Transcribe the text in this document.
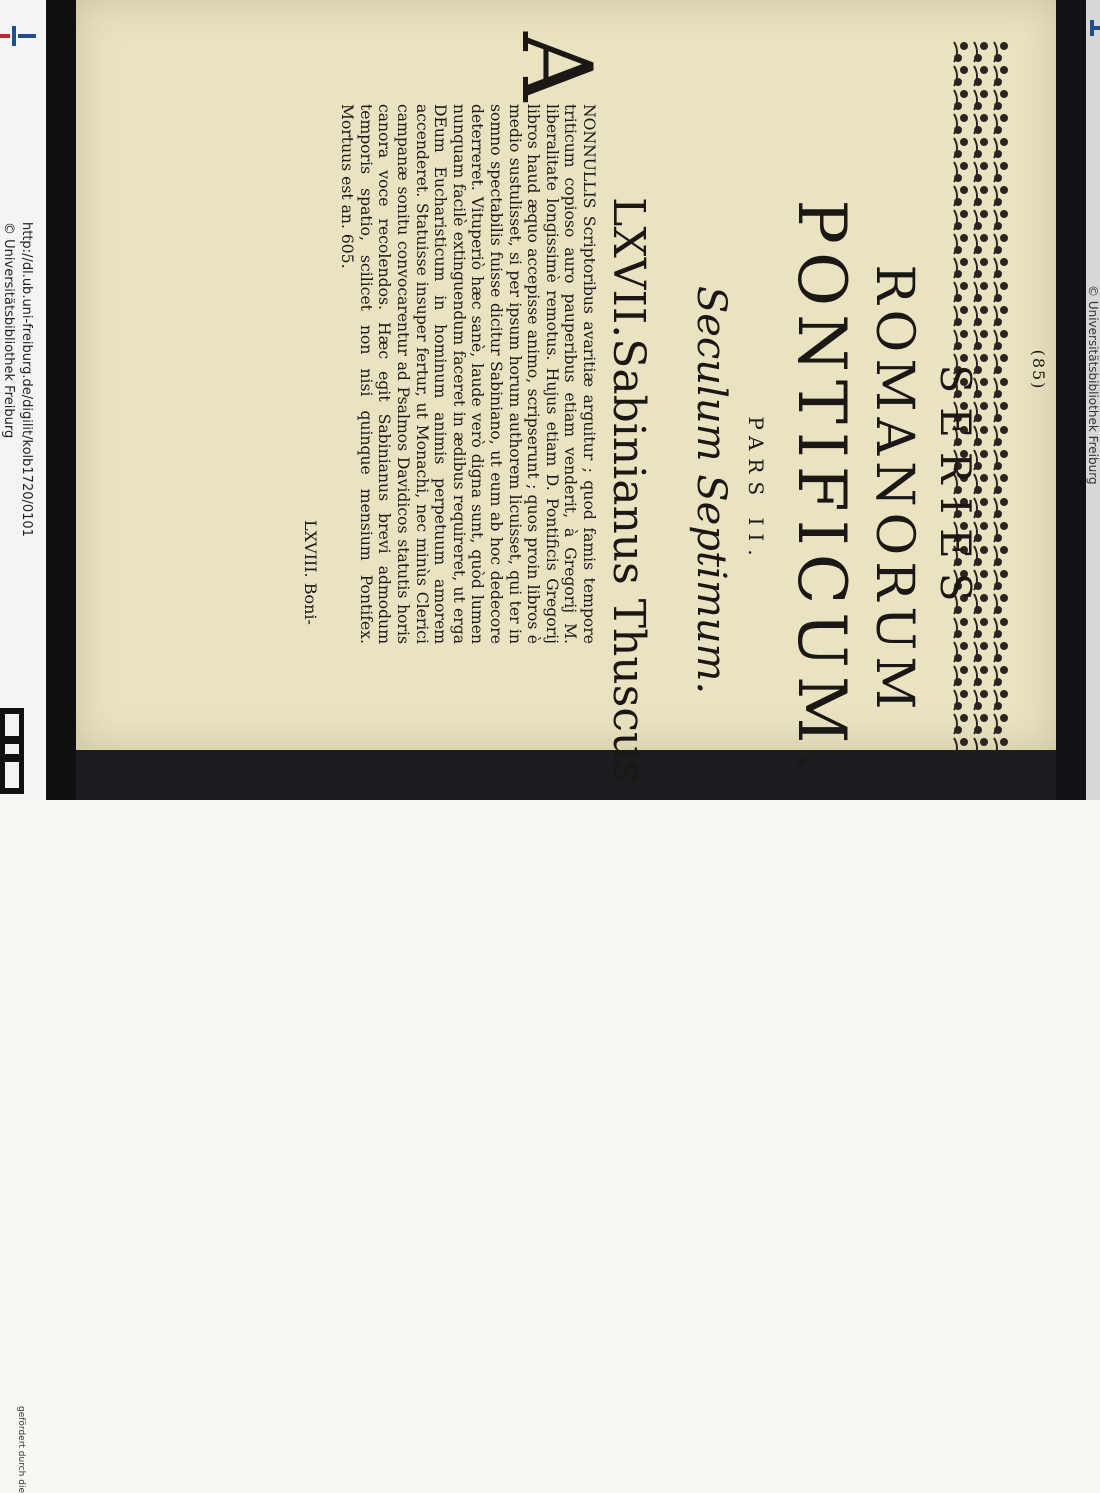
http://dl.ub.uni-freiburg.de/digilit/kolb1720/0101
© Universitätsbibliothek Freiburg
gefördert durch die
(85)
SERIES
ROMANORUM
PONTIFICUM.
PARS II.
Seculum Septimum.
LXVII.Sabinianus Thuscus
A

NONNULLIS Scriptoribus avaritiæ arguitur ; quod famis tempore triticum copioso auro pauperibus etiam venderit, à Gregorij M. liberalitate longissimè remotus. Hujus etiam D. Pontificis Gregorij libros haud æquo accepisse animo, scripserunt ; quos proin libros è medio sustulisset, si per ipsum horum authorem licuisset, qui ter in somno spectabilis fuisse dicitur Sabiniano, ut eum ab hoc dedecore deterreret. Vituperiò hæc sanè, laude verò digna sunt, quòd lumen nunquam facilè extinguendum faceret in ædibus requireret, ut erga DEum Eucharisticum in hominum animis perpetuum amorem accenderet. Statuisse insuper fertur, ut Monachi, nec minùs Clerici campanæ sonitu convocarentur ad Psalmos Davidicos statutis horis canora voce recolendos. Hæc egit Sabinianus brevi admodum temporis spatio, scilicet non nisi quinque mensium Pontifex. Mortuus est an. 605.

LXVIII. Boni-
© Universitätsbibliothek Freiburg
